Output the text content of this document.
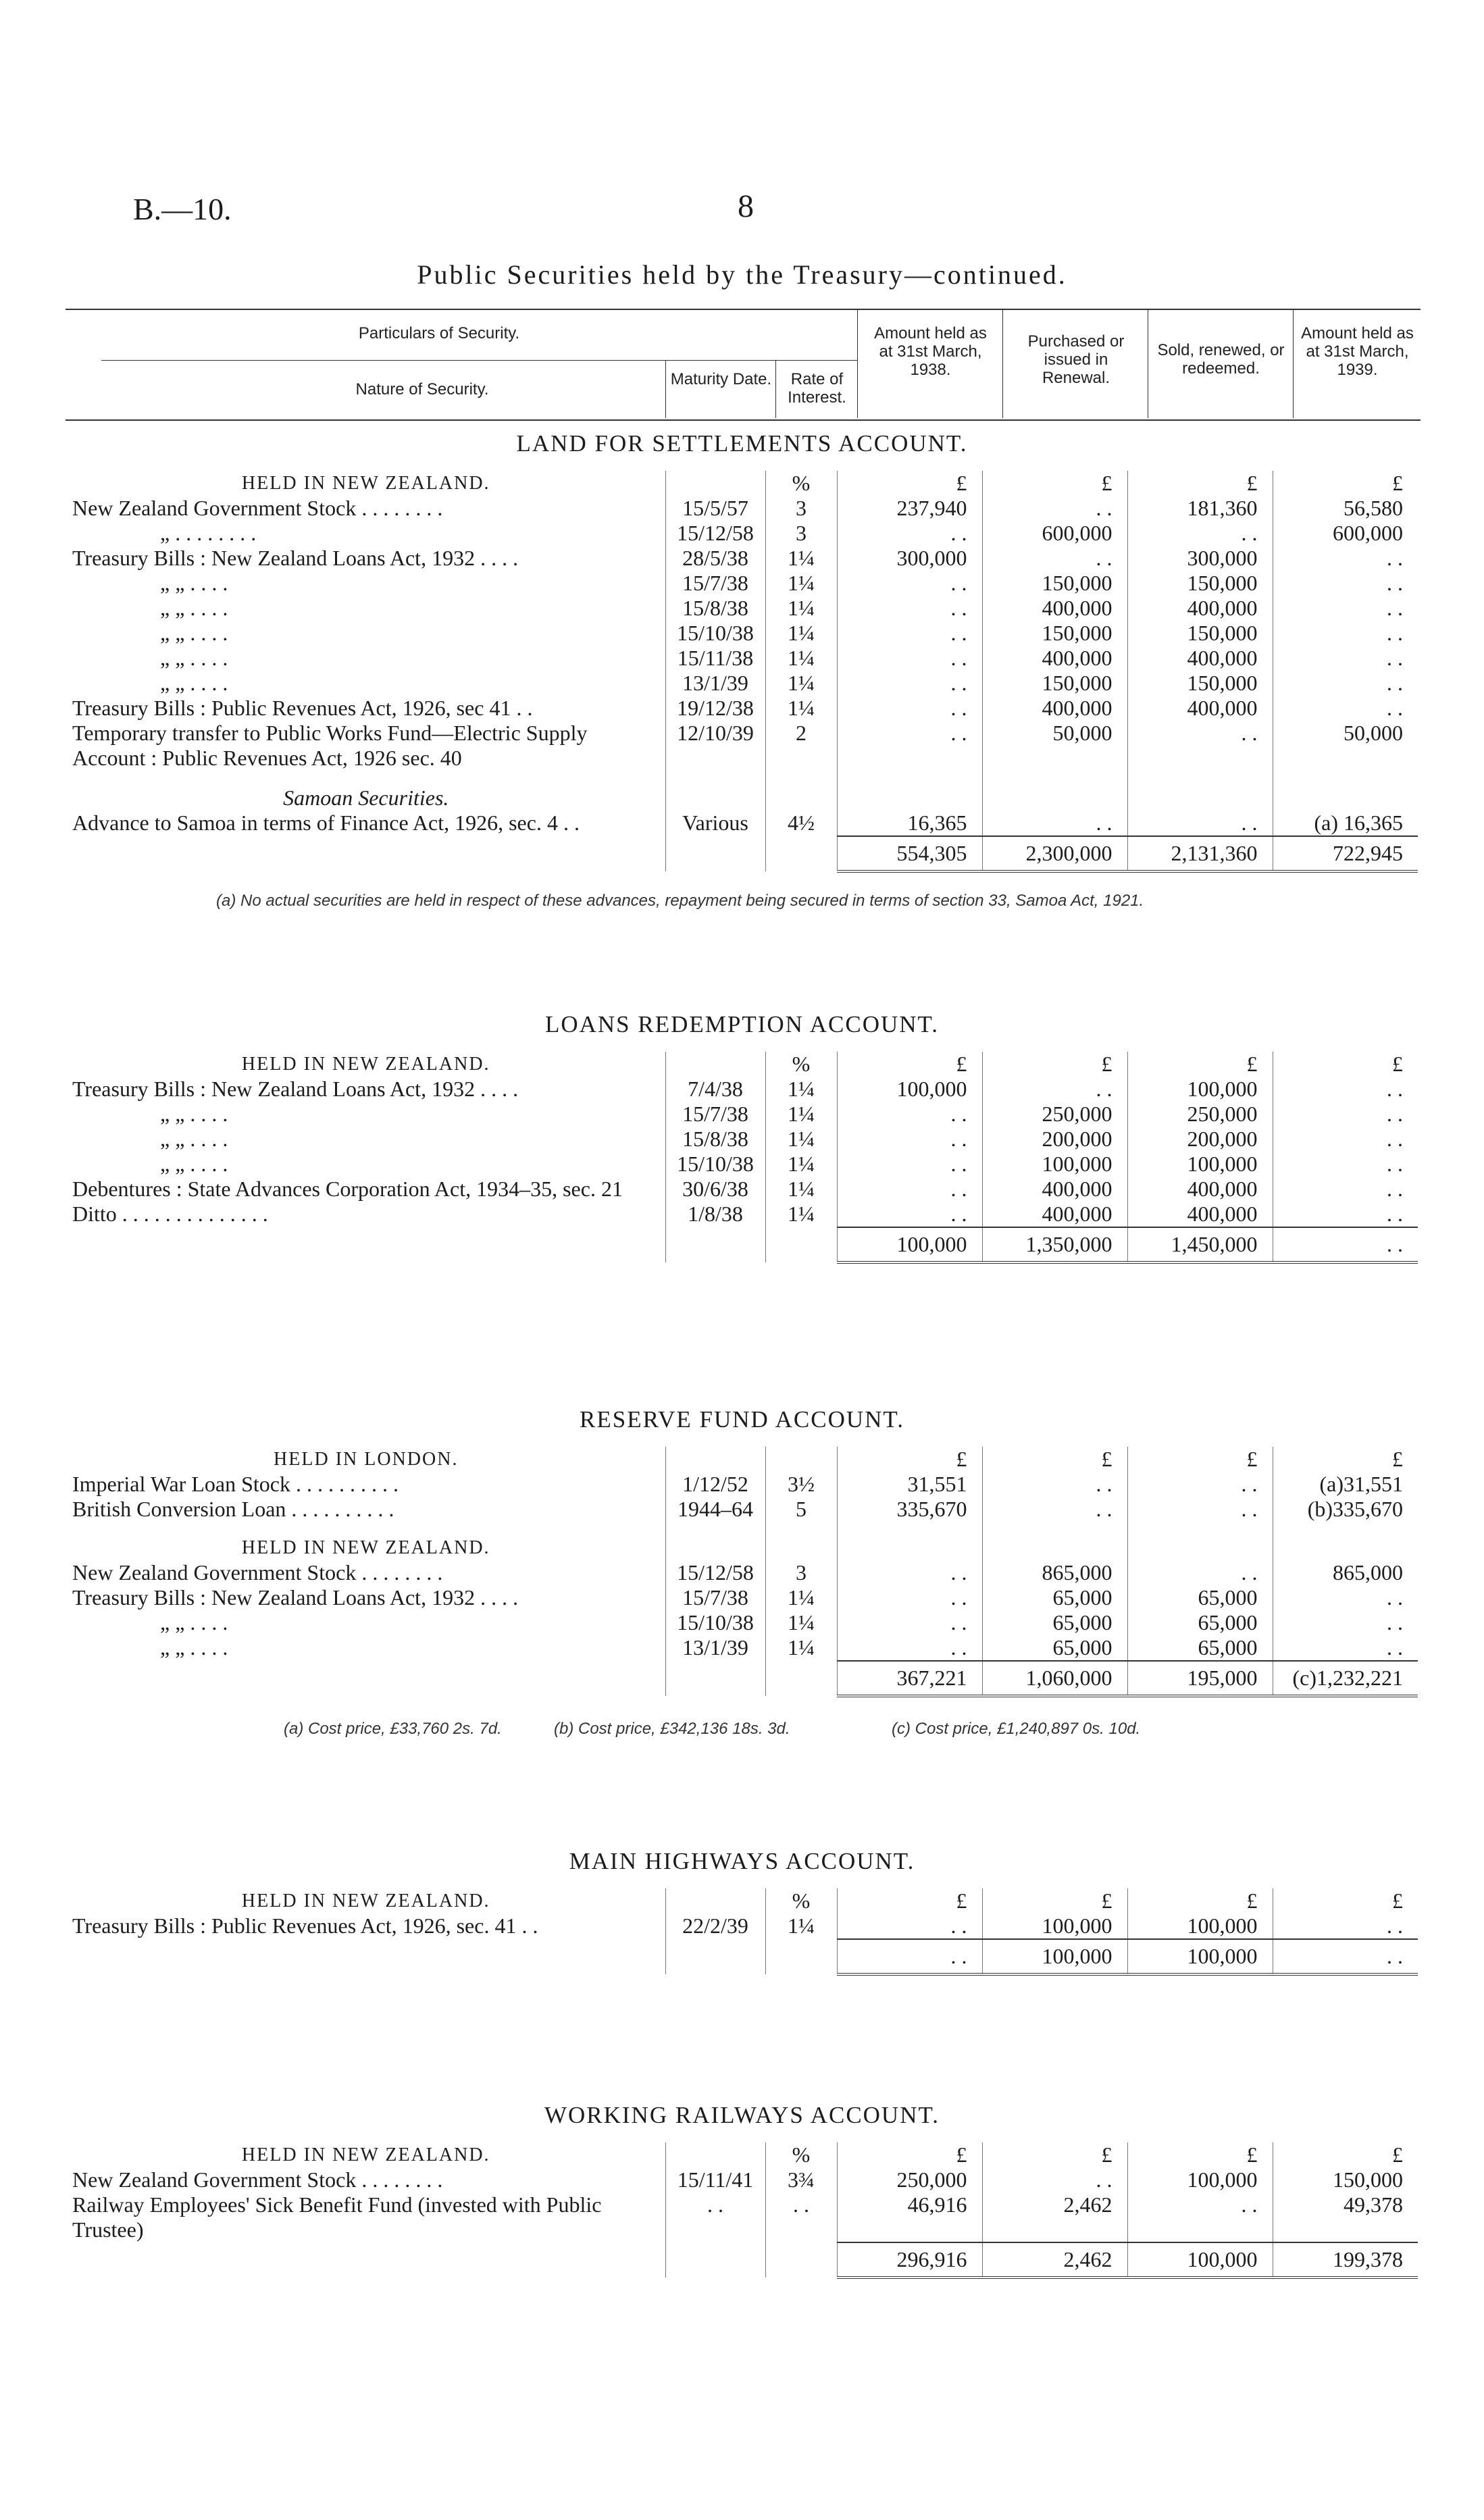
B.—10.	8
Public Securities held by the Treasury—continued.
Particulars of Security.
Nature of Security.
Maturity Date.	Rate of Interest.
Amount held as at 31st March, 1938.
Purchased or issued in Renewal.
Sold, renewed, or redeemed.
Amount held as at 31st March, 1939.
LAND FOR SETTLEMENTS ACCOUNT.
HELD IN NEW ZEALAND.		%	£	£	£	£
New Zealand Government Stock . . . . . . . .	15/5/57	3	237,940	. .	181,360	56,580
„ . . . . . . . .	15/12/58	3	. .	600,000	. .	600,000
Treasury Bills : New Zealand Loans Act, 1932 . . . .	28/5/38	1¼	300,000	. .	300,000	. .
„ „ . . . .	15/7/38	1¼	. .	150,000	150,000	. .
„ „ . . . .	15/8/38	1¼	. .	400,000	400,000	. .
„ „ . . . .	15/10/38	1¼	. .	150,000	150,000	. .
„ „ . . . .	15/11/38	1¼	. .	400,000	400,000	. .
„ „ . . . .	13/1/39	1¼	. .	150,000	150,000	. .
Treasury Bills : Public Revenues Act, 1926, sec 41 . .	19/12/38	1¼	. .	400,000	400,000	. .
Temporary transfer to Public Works Fund—Electric Supply Account : Public Revenues Act, 1926 sec. 40	12/10/39	2	. .	50,000	. .	50,000
Samoan Securities.						
Advance to Samoa in terms of Finance Act, 1926, sec. 4 . .	Various	4½	16,365	. .	. .	(a) 16,365
			554,305	2,300,000	2,131,360	722,945
(a) No actual securities are held in respect of these advances, repayment being secured in terms of section 33, Samoa Act, 1921.
LOANS REDEMPTION ACCOUNT.
HELD IN NEW ZEALAND.		%	£	£	£	£
Treasury Bills : New Zealand Loans Act, 1932 . . . .	7/4/38	1¼	100,000	. .	100,000	. .
„ „ . . . .	15/7/38	1¼	. .	250,000	250,000	. .
„ „ . . . .	15/8/38	1¼	. .	200,000	200,000	. .
„ „ . . . .	15/10/38	1¼	. .	100,000	100,000	. .
Debentures : State Advances Corporation Act, 1934–35, sec. 21	30/6/38	1¼	. .	400,000	400,000	. .
Ditto . . . . . . . . . . . . . .	1/8/38	1¼	. .	400,000	400,000	. .
			100,000	1,350,000	1,450,000	. .
RESERVE FUND ACCOUNT.
HELD IN LONDON.			£	£	£	£
Imperial War Loan Stock . . . . . . . . . .	1/12/52	3½	31,551	. .	. .	(a)31,551
British Conversion Loan . . . . . . . . . .	1944–64	5	335,670	. .	. .	(b)335,670
HELD IN NEW ZEALAND.						
New Zealand Government Stock . . . . . . . .	15/12/58	3	. .	865,000	. .	865,000
Treasury Bills : New Zealand Loans Act, 1932 . . . .	15/7/38	1¼	. .	65,000	65,000	. .
„ „ . . . .	15/10/38	1¼	. .	65,000	65,000	. .
„ „ . . . .	13/1/39	1¼	. .	65,000	65,000	. .
			367,221	1,060,000	195,000	(c)1,232,221
(a) Cost price, £33,760 2s. 7d.	(b) Cost price, £342,136 18s. 3d.	(c) Cost price, £1,240,897 0s. 10d.
MAIN HIGHWAYS ACCOUNT.
HELD IN NEW ZEALAND.		%	£	£	£	£
Treasury Bills : Public Revenues Act, 1926, sec. 41 . .	22/2/39	1¼	. .	100,000	100,000	. .
			. .	100,000	100,000	. .
WORKING RAILWAYS ACCOUNT.
HELD IN NEW ZEALAND.		%	£	£	£	£
New Zealand Government Stock . . . . . . . .	15/11/41	3¾	250,000	. .	100,000	150,000
Railway Employees' Sick Benefit Fund (invested with Public Trustee)	. .	. .	46,916	2,462	. .	49,378
			296,916	2,462	100,000	199,378
